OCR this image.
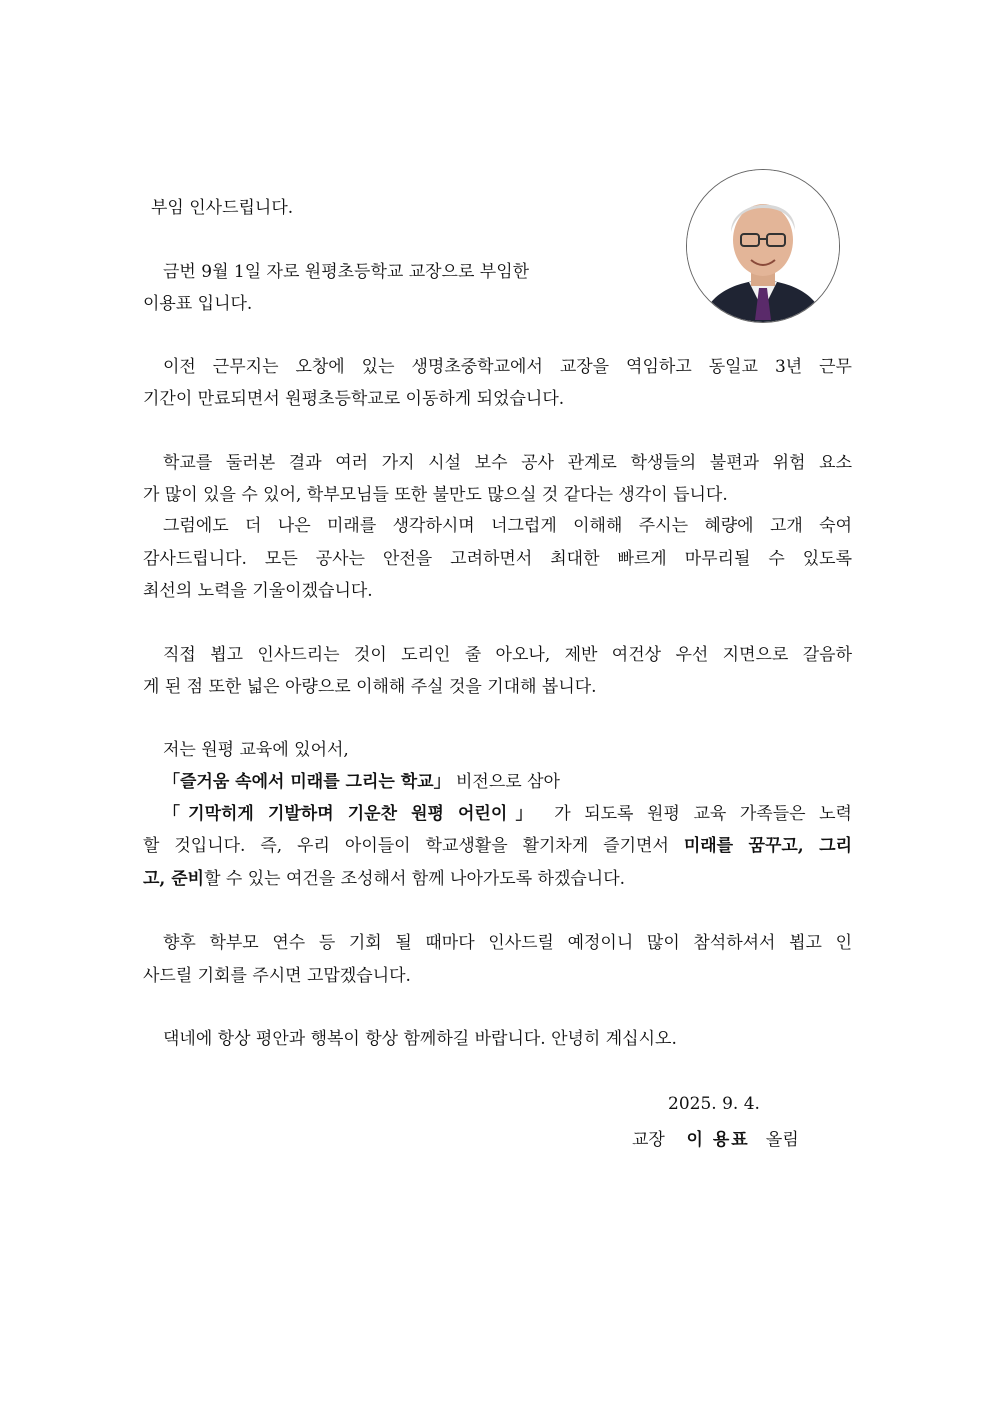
부임 인사드립니다.
금번 9월 1일 자로 원평초등학교 교장으로 부임한
이용표 입니다.
이전 근무지는 오창에 있는 생명초중학교에서 교장을 역임하고 동일교 3년 근무
기간이 만료되면서 원평초등학교로 이동하게 되었습니다.
학교를 둘러본 결과 여러 가지 시설 보수 공사 관계로 학생들의 불편과 위험 요소
가 많이 있을 수 있어, 학부모님들 또한 불만도 많으실 것 같다는 생각이 듭니다.
그럼에도 더 나은 미래를 생각하시며 너그럽게 이해해 주시는 혜량에 고개 숙여
감사드립니다. 모든 공사는 안전을 고려하면서 최대한 빠르게 마무리될 수 있도록
최선의 노력을 기울이겠습니다.
직접 뵙고 인사드리는 것이 도리인 줄 아오나, 제반 여건상 우선 지면으로 갈음하
게 된 점 또한 넓은 아량으로 이해해 주실 것을 기대해 봅니다.
저는 원평 교육에 있어서,
「즐거움 속에서 미래를 그리는 학교」 비전으로 삼아
「기막히게 기발하며 기운찬 원평 어린이」 가 되도록 원평 교육 가족들은 노력
할 것입니다. 즉, 우리 아이들이 학교생활을 활기차게 즐기면서 미래를 꿈꾸고, 그리
고, 준비할 수 있는 여건을 조성해서 함께 나아가도록 하겠습니다.
향후 학부모 연수 등 기회 될 때마다 인사드릴 예정이니 많이 참석하셔서 뵙고 인
사드릴 기회를 주시면 고맙겠습니다.
댁네에 항상 평안과 행복이 항상 함께하길 바랍니다. 안녕히 계십시오.
2025. 9. 4.
교장 이 용표 올림
